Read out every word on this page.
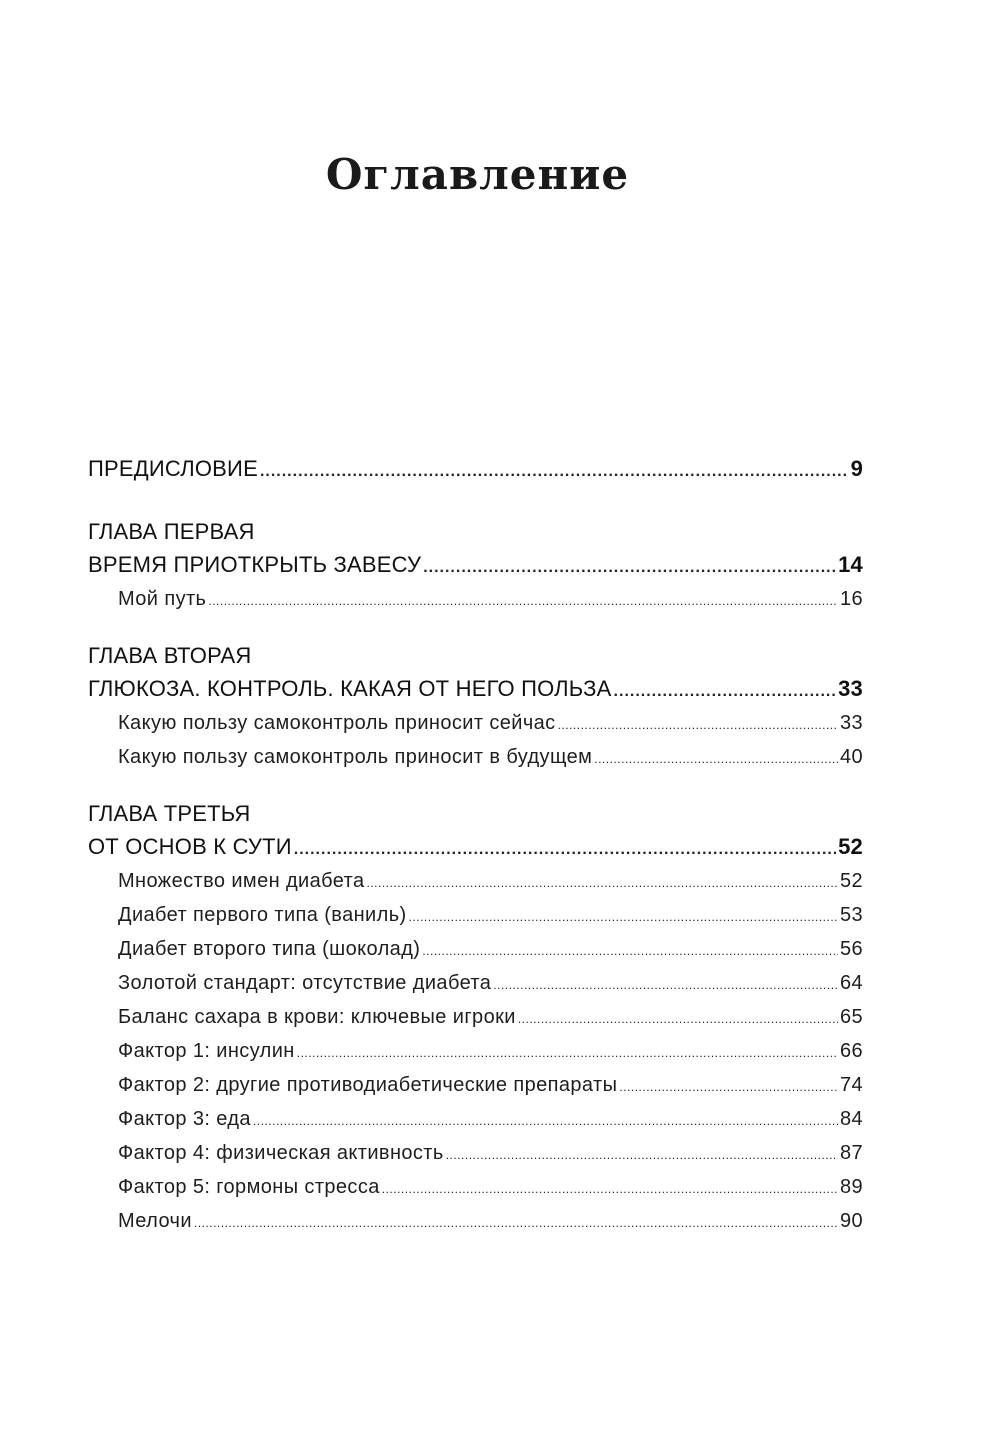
Оглавление
ПРЕДИСЛОВИЕ .....	9
ГЛАВА ПЕРВАЯ
ВРЕМЯ ПРИОТКРЫТЬ ЗАВЕСУ .....	14
Мой путь .....	16
ГЛАВА ВТОРАЯ
ГЛЮКОЗА. КОНТРОЛЬ. КАКАЯ ОТ НЕГО ПОЛЬЗА .....	33
Какую пользу самоконтроль приносит сейчас .....	33
Какую пользу самоконтроль приносит в будущем .....	40
ГЛАВА ТРЕТЬЯ
ОТ ОСНОВ К СУТИ .....	52
Множество имен диабета .....	52
Диабет первого типа (ваниль) .....	53
Диабет второго типа (шоколад) .....	56
Золотой стандарт: отсутствие диабета .....	64
Баланс сахара в крови: ключевые игроки .....	65
Фактор 1: инсулин .....	66
Фактор 2: другие противодиабетические препараты .....	74
Фактор 3: еда .....	84
Фактор 4: физическая активность .....	87
Фактор 5: гормоны стресса .....	89
Мелочи .....	90
